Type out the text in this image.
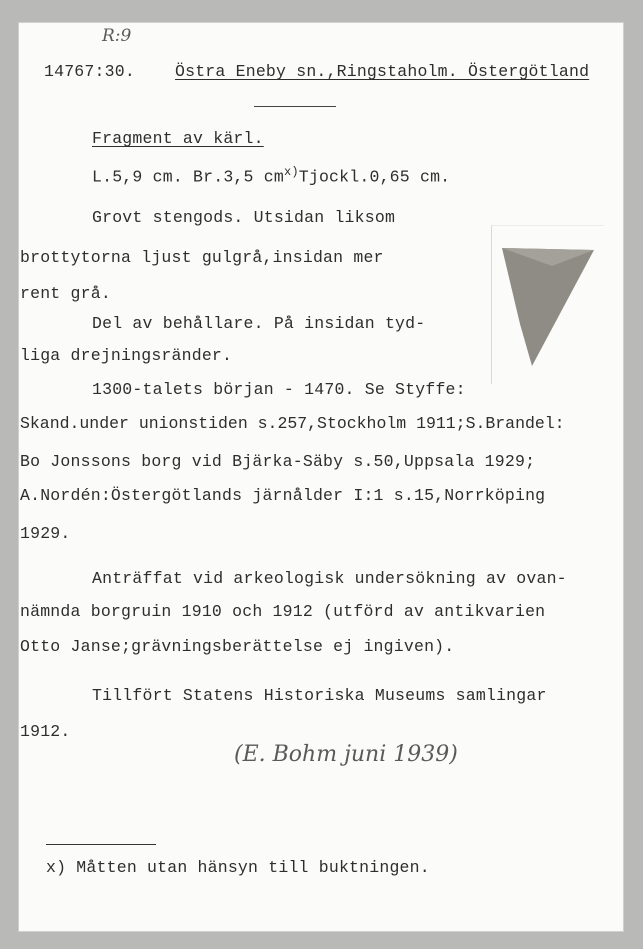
R:9
14767:30. Östra Eneby sn.,Ringstaholm. Östergötland
Fragment av kärl.
L.5,9 cm. Br.3,5 $cm^{x)}Tjockl.0,65$ cm.
Grovt stengods. Utsidan liksom
brottytorna ljust gulgrå,insidan mer
rent grå.
Del av behållare. På insidan tyd-
liga drejningsränder.
1300-talets början - 1470. Se Styffe:
Skand.under unionstiden s.257,Stockholm 1911;S.Brandel:
Bo Jonssons borg vid Bjärka-Säby s.50,Uppsala 1929;
A.Nordén:Östergötlands järnålder I:1 s.15,Norrköping
1929.
Anträffat vid arkeologisk undersökning av ovan-
nämnda borgruin 1910 och 1912 (utförd av antikvarien
Otto Janse;grävningsberättelse ej ingiven).
Tillfört Statens Historiska Museums samlingar
1912.
(E. Bohm juni 1939)
x) Måtten utan hänsyn till buktningen.
